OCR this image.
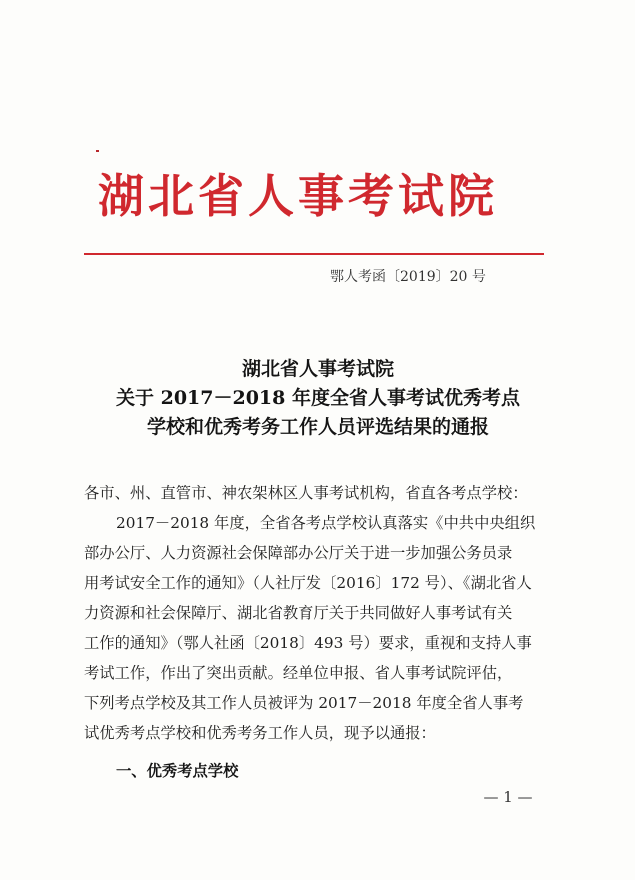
湖北省人事考试院
鄂人考函〔2019〕20 号
湖北省人事考试院
关于 2017－2018 年度全省人事考试优秀考点
学校和优秀考务工作人员评选结果的通报
各市、州、直管市、神农架林区人事考试机构，省直各考点学校：
2017－2018 年度，全省各考点学校认真落实《中共中央组织
部办公厅、人力资源社会保障部办公厅关于进一步加强公务员录
用考试安全工作的通知》（人社厅发〔2016〕172 号）、《湖北省人
力资源和社会保障厅、湖北省教育厅关于共同做好人事考试有关
工作的通知》（鄂人社函〔2018〕493 号）要求，重视和支持人事
考试工作，作出了突出贡献。经单位申报、省人事考试院评估，
下列考点学校及其工作人员被评为 2017－2018 年度全省人事考
试优秀考点学校和优秀考务工作人员，现予以通报：
一、优秀考点学校
— 1 —
